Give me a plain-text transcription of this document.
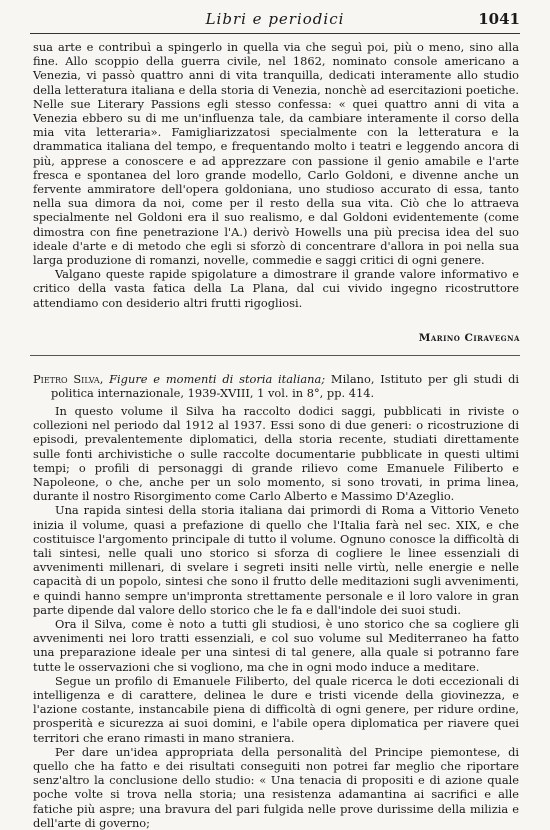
Libri e periodici	1041

sua arte e contribuì a spingerlo in quella via che seguì poi, più o meno, sino alla fine. Allo scoppio della guerra civile, nel 1862, nominato console americano a Venezia, vi passò quattro anni di vita tranquilla, dedicati interamente allo studio della letteratura italiana e della storia di Venezia, nonchè ad esercitazioni poetiche. Nelle sue Literary Passions egli stesso confessa: « quei quattro anni di vita a Venezia ebbero su di me un'influenza tale, da cambiare interamente il corso della mia vita letteraria». Famigliarizzatosi specialmente con la letteratura e la drammatica italiana del tempo, e frequentando molto i teatri e leggendo ancora di più, apprese a conoscere e ad apprezzare con passione il genio amabile e l'arte fresca e spontanea del loro grande modello, Carlo Goldoni, e divenne anche un fervente ammiratore dell'opera goldoniana, uno studioso accurato di essa, tanto nella sua dimora da noi, come per il resto della sua vita. Ciò che lo attraeva specialmente nel Goldoni era il suo realismo, e dal Goldoni evidentemente (come dimostra con fine penetrazione l'A.) derivò Howells una più precisa idea del suo ideale d'arte e di metodo che egli si sforzò di concentrare d'allora in poi nella sua larga produzione di romanzi, novelle, commedie e saggi critici di ogni genere.

Valgano queste rapide spigolature a dimostrare il grande valore informativo e critico della vasta fatica della La Plana, dal cui vivido ingegno ricostruttore attendiamo con desiderio altri frutti rigogliosi.

Marino Ciravegna
Pietro Silva, Figure e momenti di storia italiana; Milano, Istituto per gli studi di politica internazionale, 1939-XVIII, 1 vol. in 8°, pp. 414.

In questo volume il Silva ha raccolto dodici saggi, pubblicati in riviste o collezioni nel periodo dal 1912 al 1937. Essi sono di due generi: o ricostruzione di episodi, prevalentemente diplomatici, della storia recente, studiati direttamente sulle fonti archivistiche o sulle raccolte documentarie pubblicate in questi ultimi tempi; o profili di personaggi di grande rilievo come Emanuele Filiberto e Napoleone, o che, anche per un solo momento, si sono trovati, in prima linea, durante il nostro Risorgimento come Carlo Alberto e Massimo D'Azeglio.

Una rapida sintesi della storia italiana dai primordi di Roma a Vittorio Veneto inizia il volume, quasi a prefazione di quello che l'Italia farà nel sec. XIX, e che costituisce l'argomento principale di tutto il volume. Ognuno conosce la difficoltà di tali sintesi, nelle quali uno storico si sforza di cogliere le linee essenziali di avvenimenti millenari, di svelare i segreti insiti nelle virtù, nelle energie e nelle capacità di un popolo, sintesi che sono il frutto delle meditazioni sugli avvenimenti, e quindi hanno sempre un'impronta strettamente personale e il loro valore in gran parte dipende dal valore dello storico che le fa e dall'indole dei suoi studi.

Ora il Silva, come è noto a tutti gli studiosi, è uno storico che sa cogliere gli avvenimenti nei loro tratti essenziali, e col suo volume sul Mediterraneo ha fatto una preparazione ideale per una sintesi di tal genere, alla quale si potranno fare tutte le osservazioni che si vogliono, ma che in ogni modo induce a meditare.

Segue un profilo di Emanuele Filiberto, del quale ricerca le doti eccezionali di intelligenza e di carattere, delinea le dure e tristi vicende della giovinezza, e l'azione costante, instancabile piena di difficoltà di ogni genere, per ridure ordine, prosperità e sicurezza ai suoi domini, e l'abile opera diplomatica per riavere quei territori che erano rimasti in mano straniera.

Per dare un'idea appropriata della personalità del Principe piemontese, di quello che ha fatto e dei risultati conseguiti non potrei far meglio che riportare senz'altro la conclusione dello studio: « Una tenacia di propositi e di azione quale poche volte si trova nella storia; una resistenza adamantina ai sacrifici e alle fatiche più aspre; una bravura del pari fulgida nelle prove durissime della milizia e dell'arte di governo;
